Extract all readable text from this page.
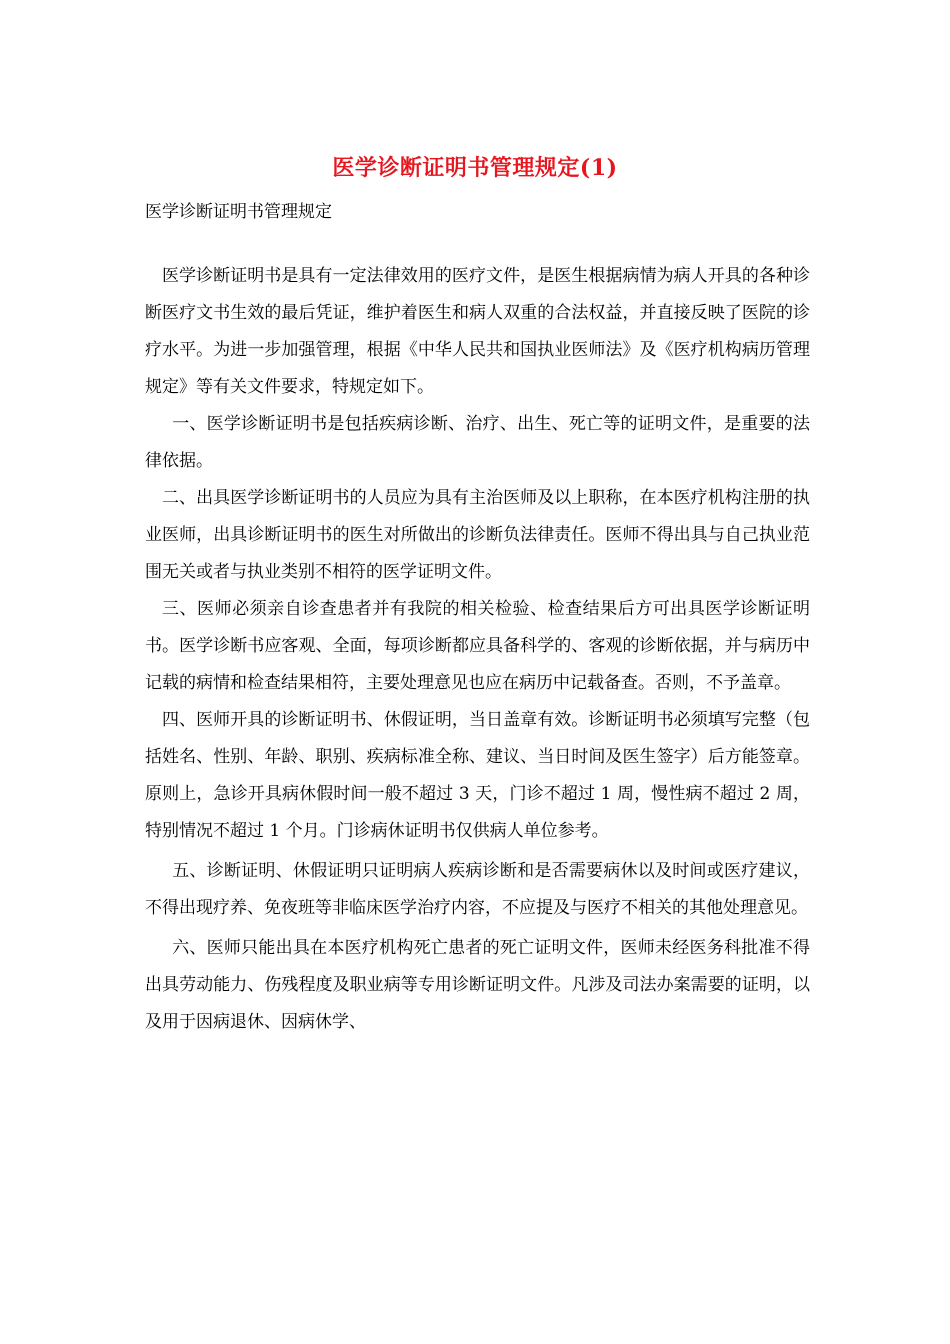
医学诊断证明书管理规定(1)
医学诊断证明书管理规定

医学诊断证明书是具有一定法律效用的医疗文件，是医生根据病情为病人开具的各种诊断医疗文书生效的最后凭证，维护着医生和病人双重的合法权益，并直接反映了医院的诊疗水平。为进一步加强管理，根据《中华人民共和国执业医师法》及《医疗机构病历管理规定》等有关文件要求，特规定如下。

一、医学诊断证明书是包括疾病诊断、治疗、出生、死亡等的证明文件，是重要的法律依据。

二、出具医学诊断证明书的人员应为具有主治医师及以上职称，在本医疗机构注册的执业医师，出具诊断证明书的医生对所做出的诊断负法律责任。医师不得出具与自己执业范围无关或者与执业类别不相符的医学证明文件。

三、医师必须亲自诊查患者并有我院的相关检验、检查结果后方可出具医学诊断证明书。医学诊断书应客观、全面，每项诊断都应具备科学的、客观的诊断依据，并与病历中记载的病情和检查结果相符，主要处理意见也应在病历中记载备查。否则，不予盖章。

四、医师开具的诊断证明书、休假证明，当日盖章有效。诊断证明书必须填写完整（包括姓名、性别、年龄、职别、疾病标准全称、建议、当日时间及医生签字）后方能签章。原则上，急诊开具病休假时间一般不超过 3 天，门诊不超过 1 周，慢性病不超过 2 周，特别情况不超过 1 个月。门诊病休证明书仅供病人单位参考。

五、诊断证明、休假证明只证明病人疾病诊断和是否需要病休以及时间或医疗建议，不得出现疗养、免夜班等非临床医学治疗内容，不应提及与医疗不相关的其他处理意见。

六、医师只能出具在本医疗机构死亡患者的死亡证明文件，医师未经医务科批准不得出具劳动能力、伤残程度及职业病等专用诊断证明文件。凡涉及司法办案需要的证明，以及用于因病退休、因病休学、
